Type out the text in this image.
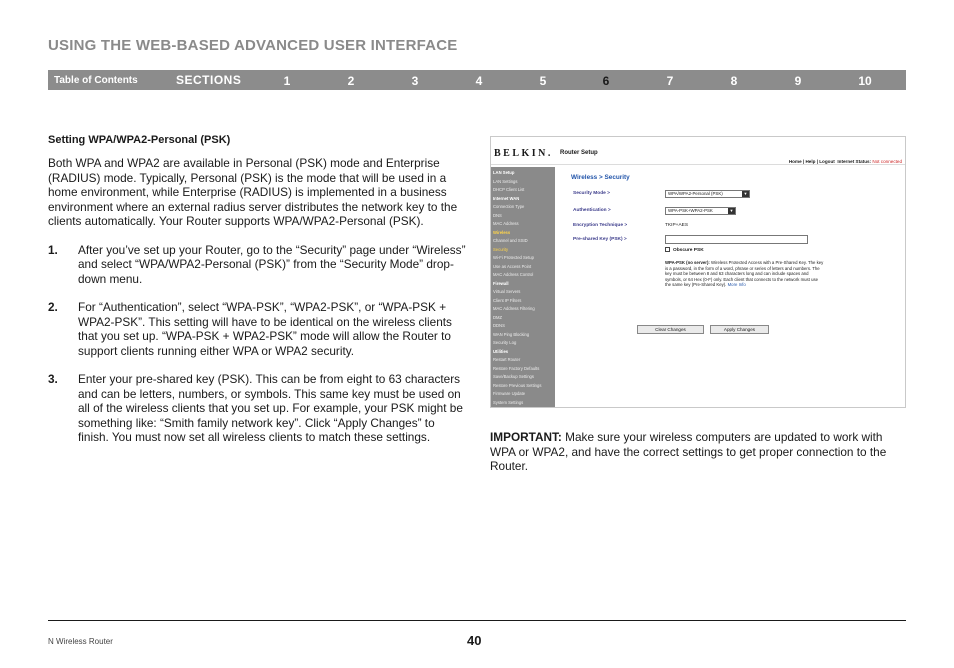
USING THE WEB-BASED ADVANCED USER INTERFACE
Table of Contents	SECTIONS	1	2	3	4	5	6	7	8	9	10
Setting WPA/WPA2-Personal (PSK)
Both WPA and WPA2 are available in Personal (PSK) mode and Enterprise (RADIUS) mode. Typically, Personal (PSK) is the mode that will be used in a home environment, while Enterprise (RADIUS) is implemented in a business environment where an external radius server distributes the network key to the clients automatically. Your Router supports WPA/WPA2-Personal (PSK).
1. After you’ve set up your Router, go to the “Security” page under “Wireless” and select “WPA/WPA2-Personal (PSK)” from the “Security Mode” drop-down menu.
2. For “Authentication”, select “WPA-PSK”, “WPA2-PSK”, or “WPA-PSK + WPA2-PSK”. This setting will have to be identical on the wireless clients that you set up. “WPA-PSK + WPA2-PSK” mode will allow the Router to support clients running either WPA or WPA2 security.
3. Enter your pre-shared key (PSK). This can be from eight to 63 characters and can be letters, numbers, or symbols. This same key must be used on all of the wireless clients that you set up. For example, your PSK might be something like: “Smith family network key”. Click “Apply Changes” to finish. You must now set all wireless clients to match these settings.
BELKIN. Router Setup
Home | Help | Logout Internet Status: Not connected
LAN Setup
LAN Settings
DHCP Client List
Internet WAN
Connection Type
DNS
MAC Address
Wireless
Channel and SSID
Security
Wi-Fi Protected Setup
Use as Access Point
MAC Address Control
Firewall
Virtual Servers
Client IP Filters
MAC Address Filtering
DMZ
DDNS
WAN Ping Blocking
Security Log
Utilities
Restart Router
Restore Factory Defaults
Save/Backup Settings
Restore Previous Settings
Firmware Update
System Settings
Wireless > Security
Security Mode >	WPA/WPA2-Personal (PSK)	▼
Authentication >	WPA-PSK+WPA2-PSK	▼
Encryption Technique >	TKIP+AES
Pre-shared Key (PSK) >
Obscure PSK
WPA-PSK (no server): Wireless Protected Access with a Pre-Shared Key. The key is a password, in the form of a word, phrase or series of letters and numbers. The key must be between 8 and 63 characters long and can include spaces and symbols, or 64 Hex (0-F) only. Each client that connects to the network must use the same key (Pre-Shared Key). More Info
Clear Changes	Apply Changes
IMPORTANT: Make sure your wireless computers are updated to work with WPA or WPA2, and have the correct settings to get proper connection to the Router.
N Wireless Router	40
